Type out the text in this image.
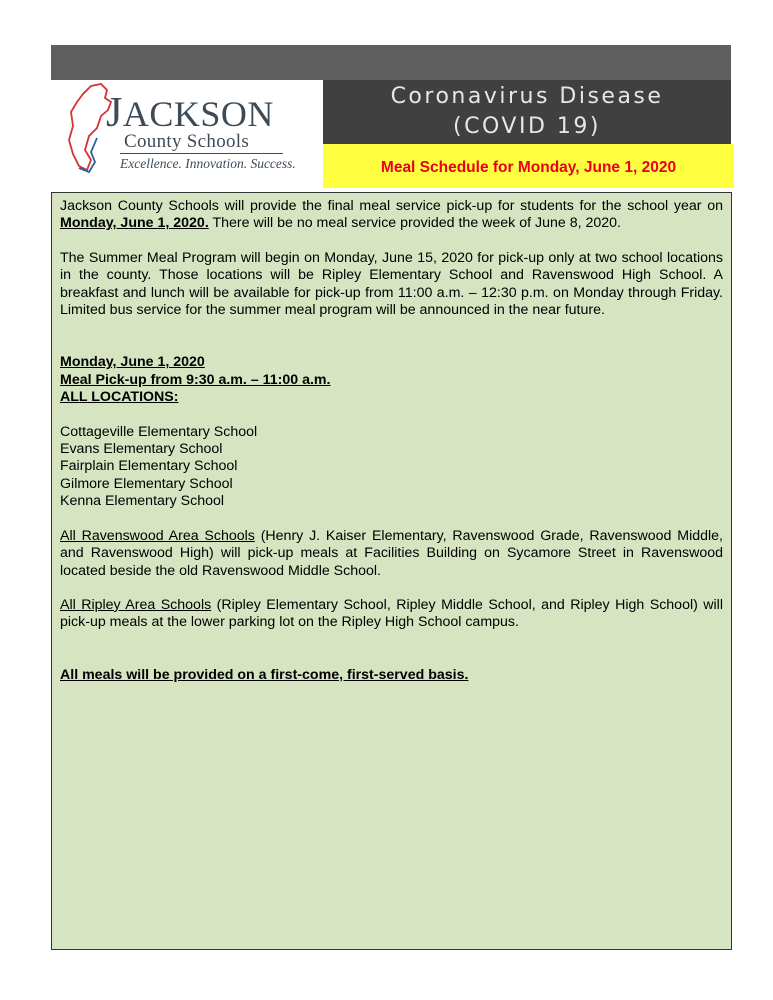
JACKSON
County Schools
Excellence. Innovation. Success.
Coronavirus Disease
(COVID 19)
Meal Schedule for Monday, June 1, 2020

Jackson County Schools will provide the final meal service pick-up for students for the school year on Monday, June 1, 2020. There will be no meal service provided the week of June 8, 2020.

The Summer Meal Program will begin on Monday, June 15, 2020 for pick-up only at two school locations in the county. Those locations will be Ripley Elementary School and Ravenswood High School. A breakfast and lunch will be available for pick-up from 11:00 a.m. – 12:30 p.m. on Monday through Friday. Limited bus service for the summer meal program will be announced in the near future.

Monday, June 1, 2020

Meal Pick-up from 9:30 a.m. – 11:00 a.m.

ALL LOCATIONS:

Cottageville Elementary School

Evans Elementary School

Fairplain Elementary School

Gilmore Elementary School

Kenna Elementary School

All Ravenswood Area Schools (Henry J. Kaiser Elementary, Ravenswood Grade, Ravenswood Middle, and Ravenswood High) will pick-up meals at Facilities Building on Sycamore Street in Ravenswood located beside the old Ravenswood Middle School.

All Ripley Area Schools (Ripley Elementary School, Ripley Middle School, and Ripley High School) will pick-up meals at the lower parking lot on the Ripley High School campus.

All meals will be provided on a first-come, first-served basis.
